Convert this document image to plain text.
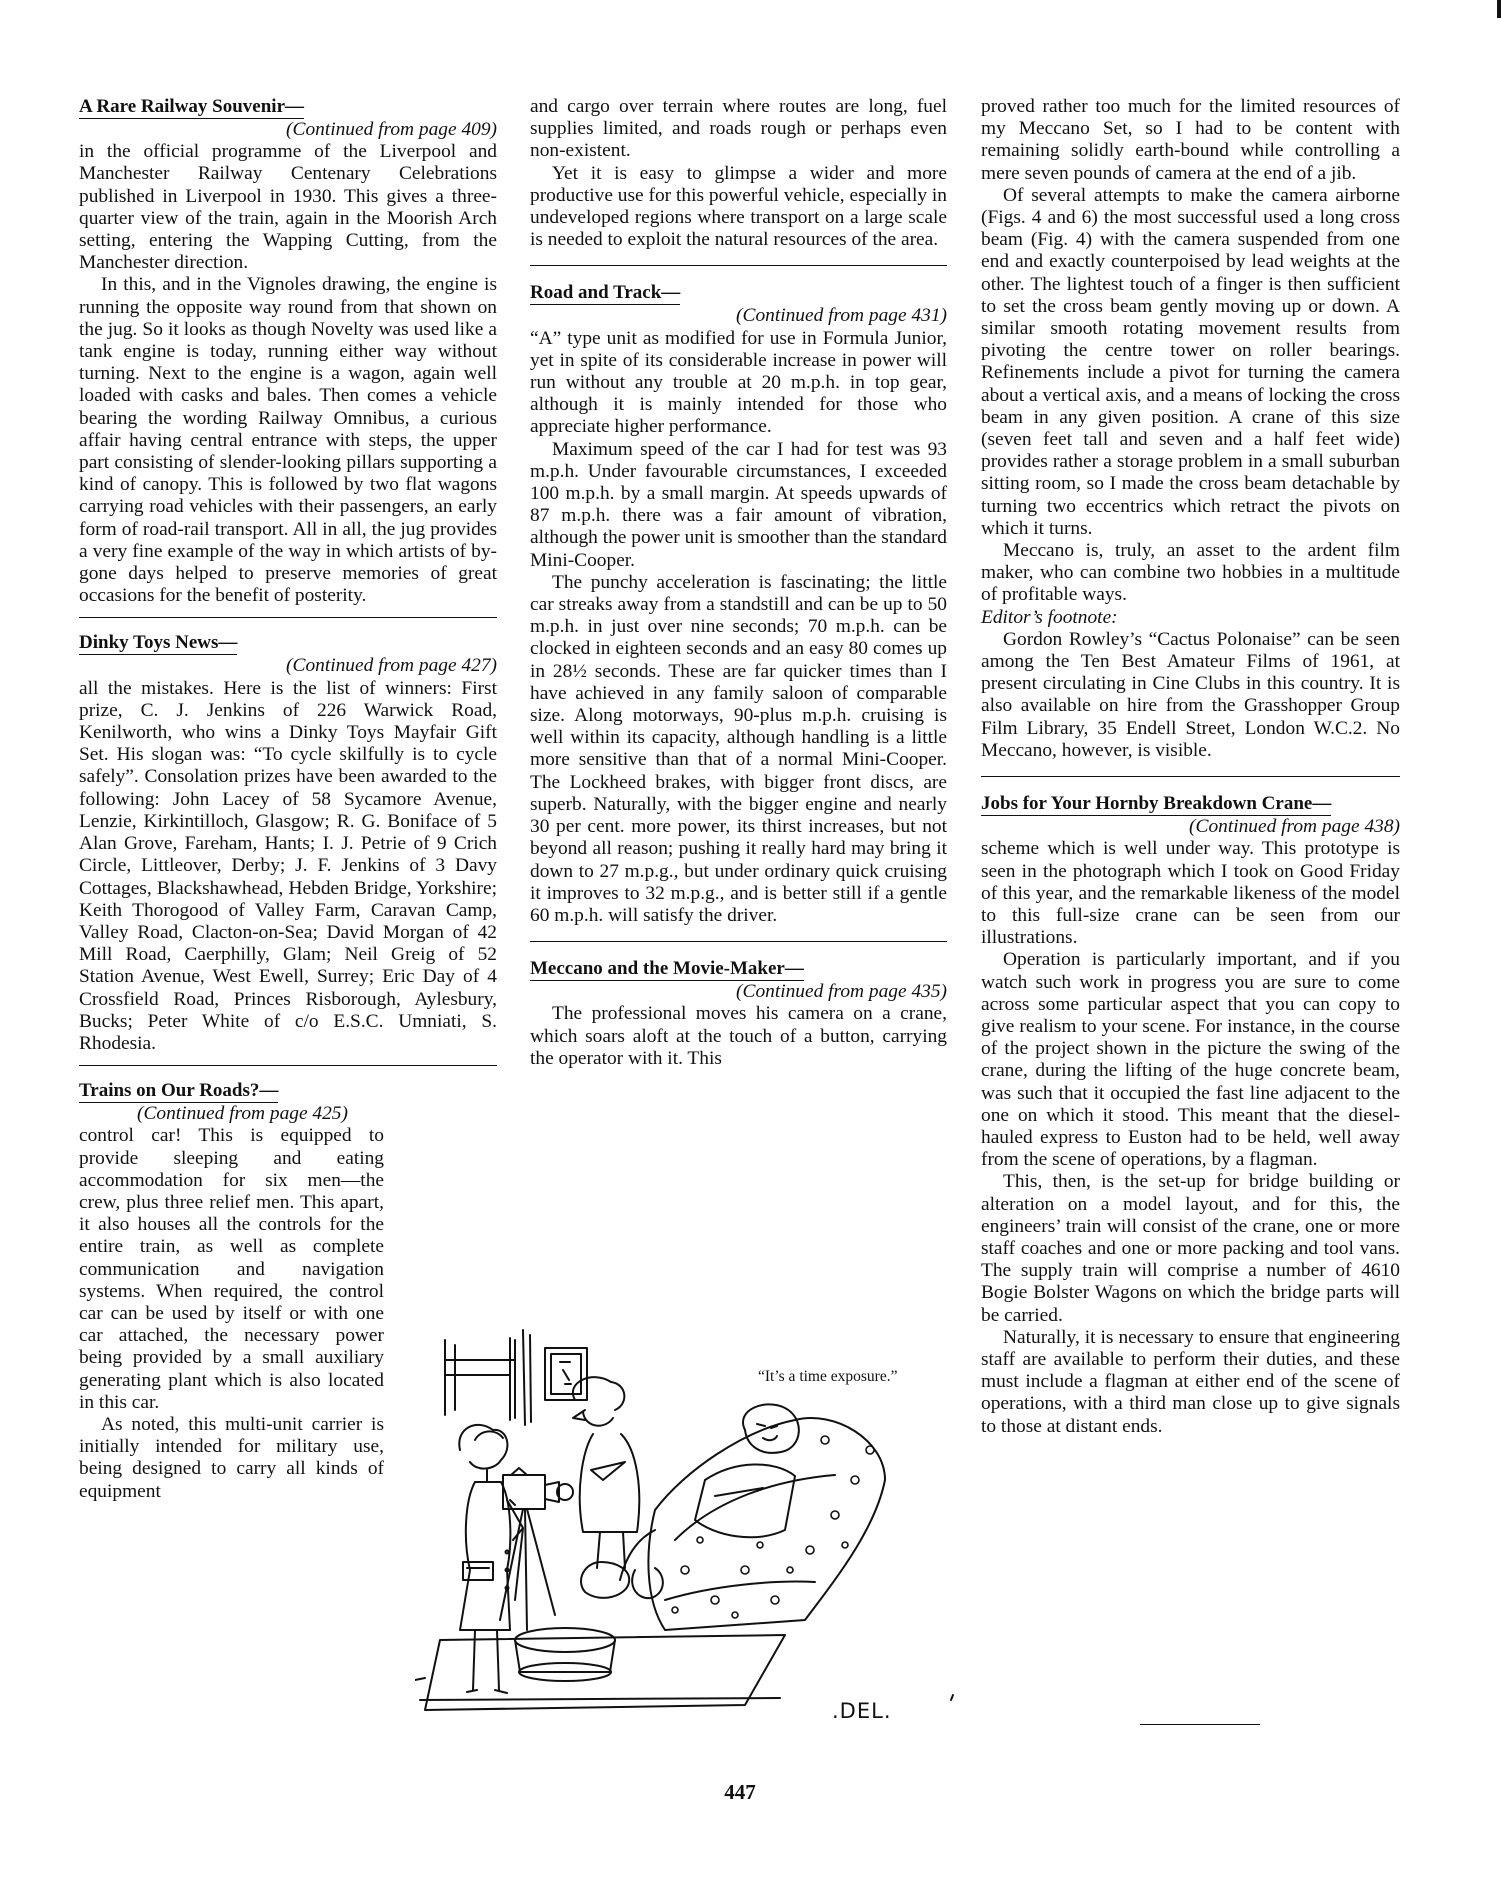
A Rare Railway Souvenir—

(Continued from page 409)

in the official programme of the Liverpool and Manchester Railway Centenary Celebrations published in Liverpool in 1930. This gives a three-quarter view of the train, again in the Moorish Arch setting, entering the Wapping Cutting, from the Manchester direction.

In this, and in the Vignoles drawing, the engine is running the opposite way round from that shown on the jug. So it looks as though Novelty was used like a tank engine is today, running either way without turning. Next to the engine is a wagon, again well loaded with casks and bales. Then comes a vehicle bearing the wording Railway Omnibus, a curious affair having central entrance with steps, the upper part consisting of slender-looking pillars supporting a kind of canopy. This is followed by two flat wagons carrying road vehicles with their passengers, an early form of road-rail transport. All in all, the jug provides a very fine example of the way in which artists of by-gone days helped to preserve memories of great occasions for the benefit of posterity.

Dinky Toys News—

(Continued from page 427)

all the mistakes. Here is the list of winners: First prize, C. J. Jenkins of 226 Warwick Road, Kenilworth, who wins a Dinky Toys Mayfair Gift Set. His slogan was: “To cycle skilfully is to cycle safely”. Consolation prizes have been awarded to the following: John Lacey of 58 Sycamore Avenue, Lenzie, Kirkintilloch, Glasgow; R. G. Boniface of 5 Alan Grove, Fareham, Hants; I. J. Petrie of 9 Crich Circle, Littleover, Derby; J. F. Jenkins of 3 Davy Cottages, Blackshawhead, Hebden Bridge, Yorkshire; Keith Thorogood of Valley Farm, Caravan Camp, Valley Road, Clacton-on-Sea; David Morgan of 42 Mill Road, Caerphilly, Glam; Neil Greig of 52 Station Avenue, West Ewell, Surrey; Eric Day of 4 Crossfield Road, Princes Risborough, Aylesbury, Bucks; Peter White of c/o E.S.C. Umniati, S. Rhodesia.

Trains on Our Roads?—

(Continued from page 425)

control car! This is equipped to provide sleeping and eating accommodation for six men—the crew, plus three relief men. This apart, it also houses all the controls for the entire train, as well as complete communication and navigation systems. When required, the control car can be used by itself or with one car attached, the necessary power being provided by a small auxiliary generating plant which is also located in this car.

As noted, this multi-unit carrier is initially intended for military use, being designed to carry all kinds of equipment

and cargo over terrain where routes are long, fuel supplies limited, and roads rough or perhaps even non-existent.

Yet it is easy to glimpse a wider and more productive use for this powerful vehicle, especially in undeveloped regions where transport on a large scale is needed to exploit the natural resources of the area.

Road and Track—

(Continued from page 431)

“A” type unit as modified for use in Formula Junior, yet in spite of its considerable increase in power will run without any trouble at 20 m.p.h. in top gear, although it is mainly intended for those who appreciate higher performance.

Maximum speed of the car I had for test was 93 m.p.h. Under favourable circumstances, I exceeded 100 m.p.h. by a small margin. At speeds upwards of 87 m.p.h. there was a fair amount of vibration, although the power unit is smoother than the standard Mini-Cooper.

The punchy acceleration is fascinating; the little car streaks away from a standstill and can be up to 50 m.p.h. in just over nine seconds; 70 m.p.h. can be clocked in eighteen seconds and an easy 80 comes up in 28½ seconds. These are far quicker times than I have achieved in any family saloon of comparable size. Along motorways, 90-plus m.p.h. cruising is well within its capacity, although handling is a little more sensitive than that of a normal Mini-Cooper. The Lockheed brakes, with bigger front discs, are superb. Naturally, with the bigger engine and nearly 30 per cent. more power, its thirst increases, but not beyond all reason; pushing it really hard may bring it down to 27 m.p.g., but under ordinary quick cruising it improves to 32 m.p.g., and is better still if a gentle 60 m.p.h. will satisfy the driver.

Meccano and the Movie-Maker—

(Continued from page 435)

The professional moves his camera on a crane, which soars aloft at the touch of a button, carrying the operator with it. This

proved rather too much for the limited resources of my Meccano Set, so I had to be content with remaining solidly earth-bound while controlling a mere seven pounds of camera at the end of a jib.

Of several attempts to make the camera airborne (Figs. 4 and 6) the most successful used a long cross beam (Fig. 4) with the camera suspended from one end and exactly counterpoised by lead weights at the other. The lightest touch of a finger is then sufficient to set the cross beam gently moving up or down. A similar smooth rotating movement results from pivoting the centre tower on roller bearings. Refinements include a pivot for turning the camera about a vertical axis, and a means of locking the cross beam in any given position. A crane of this size (seven feet tall and seven and a half feet wide) provides rather a storage problem in a small suburban sitting room, so I made the cross beam detachable by turning two eccentrics which retract the pivots on which it turns.

Meccano is, truly, an asset to the ardent film maker, who can combine two hobbies in a multitude of profitable ways.

Editor’s footnote:

Gordon Rowley’s “Cactus Polonaise” can be seen among the Ten Best Amateur Films of 1961, at present circulating in Cine Clubs in this country. It is also available on hire from the Grasshopper Group Film Library, 35 Endell Street, London W.C.2. No Meccano, however, is visible.

Jobs for Your Hornby Breakdown Crane—

(Continued from page 438)

scheme which is well under way. This prototype is seen in the photograph which I took on Good Friday of this year, and the remarkable likeness of the model to this full-size crane can be seen from our illustrations.

Operation is particularly important, and if you watch such work in progress you are sure to come across some particular aspect that you can copy to give realism to your scene. For instance, in the course of the project shown in the picture the swing of the crane, during the lifting of the huge concrete beam, was such that it occupied the fast line adjacent to the one on which it stood. This meant that the diesel-hauled express to Euston had to be held, well away from the scene of operations, by a flagman.

This, then, is the set-up for bridge building or alteration on a model layout, and for this, the engineers’ train will consist of the crane, one or more staff coaches and one or more packing and tool vans. The supply train will comprise a number of 4610 Bogie Bolster Wagons on which the bridge parts will be carried.

Naturally, it is necessary to ensure that engineering staff are available to perform their duties, and these must include a flagman at either end of the scene of operations, with a third man close up to give signals to those at distant ends.

“It’s a time exposure.”
.DEL.
447
